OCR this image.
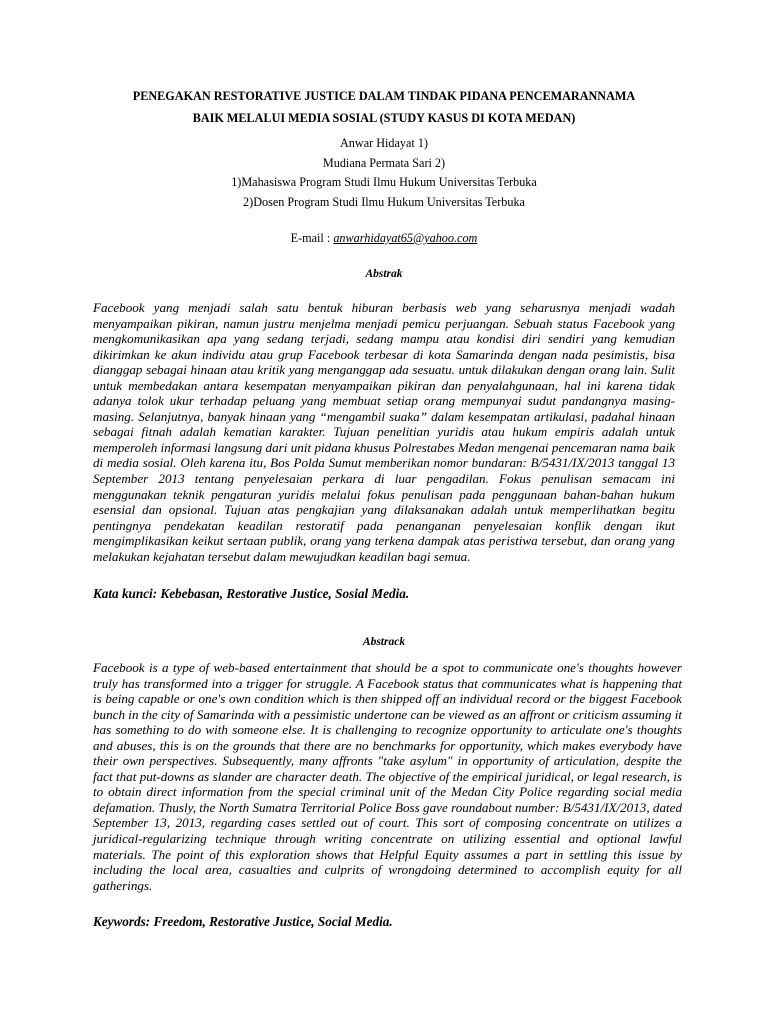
PENEGAKAN RESTORATIVE JUSTICE DALAM TINDAK PIDANA PENCEMARANNAMA
BAIK MELALUI MEDIA SOSIAL (STUDY KASUS DI KOTA MEDAN)
Anwar Hidayat 1)
Mudiana Permata Sari 2)
1)Mahasiswa Program Studi Ilmu Hukum Universitas Terbuka
2)Dosen Program Studi Ilmu Hukum Universitas Terbuka

E-mail : anwarhidayat65@yahoo.com

Abstrak

Facebook yang menjadi salah satu bentuk hiburan berbasis web yang seharusnya menjadi wadah menyampaikan pikiran, namun justru menjelma menjadi pemicu perjuangan. Sebuah status Facebook yang mengkomunikasikan apa yang sedang terjadi, sedang mampu atau kondisi diri sendiri yang kemudian dikirimkan ke akun individu atau grup Facebook terbesar di kota Samarinda dengan nada pesimistis, bisa dianggap sebagai hinaan atau kritik yang menganggap ada sesuatu. untuk dilakukan dengan orang lain. Sulit untuk membedakan antara kesempatan menyampaikan pikiran dan penyalahgunaan, hal ini karena tidak adanya tolok ukur terhadap peluang yang membuat setiap orang mempunyai sudut pandangnya masing-masing. Selanjutnya, banyak hinaan yang “mengambil suaka” dalam kesempatan artikulasi, padahal hinaan sebagai fitnah adalah kematian karakter. Tujuan penelitian yuridis atau hukum empiris adalah untuk memperoleh informasi langsung dari unit pidana khusus Polrestabes Medan mengenai pencemaran nama baik di media sosial. Oleh karena itu, Bos Polda Sumut memberikan nomor bundaran: B/5431/IX/2013 tanggal 13 September 2013 tentang penyelesaian perkara di luar pengadilan. Fokus penulisan semacam ini menggunakan teknik pengaturan yuridis melalui fokus penulisan pada penggunaan bahan-bahan hukum esensial dan opsional. Tujuan atas pengkajian yang dilaksanakan adalah untuk memperlihatkan begitu pentingnya pendekatan keadilan restoratif pada penanganan penyelesaian konflik dengan ikut mengimplikasikan keikut sertaan publik, orang yang terkena dampak atas peristiwa tersebut, dan orang yang melakukan kejahatan tersebut dalam mewujudkan keadilan bagi semua.

Kata kunci: Kebebasan, Restorative Justice, Sosial Media.

Abstrack

Facebook is a type of web-based entertainment that should be a spot to communicate one's thoughts however truly has transformed into a trigger for struggle. A Facebook status that communicates what is happening that is being capable or one's own condition which is then shipped off an individual record or the biggest Facebook bunch in the city of Samarinda with a pessimistic undertone can be viewed as an affront or criticism assuming it has something to do with someone else. It is challenging to recognize opportunity to articulate one's thoughts and abuses, this is on the grounds that there are no benchmarks for opportunity, which makes everybody have their own perspectives. Subsequently, many affronts "take asylum" in opportunity of articulation, despite the fact that put-downs as slander are character death. The objective of the empirical juridical, or legal research, is to obtain direct information from the special criminal unit of the Medan City Police regarding social media defamation. Thusly, the North Sumatra Territorial Police Boss gave roundabout number: B/5431/IX/2013, dated September 13, 2013, regarding cases settled out of court. This sort of composing concentrate on utilizes a juridical-regularizing technique through writing concentrate on utilizing essential and optional lawful materials. The point of this exploration shows that Helpful Equity assumes a part in settling this issue by including the local area, casualties and culprits of wrongdoing determined to accomplish equity for all gatherings.

Keywords: Freedom, Restorative Justice, Social Media.
